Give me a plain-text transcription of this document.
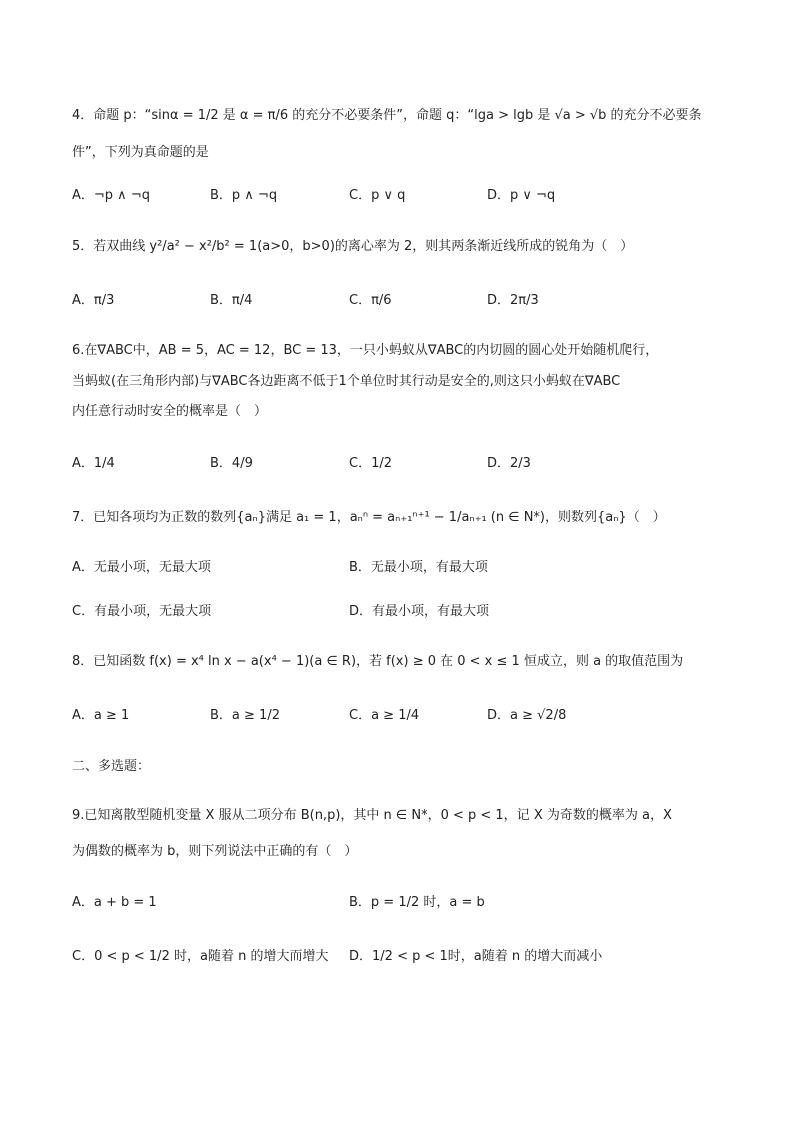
4．命题 p：“sinα = 1/2 是 α = π/6 的充分不必要条件”，命题 q：“lga > lgb 是 √a > √b 的充分不必要条
件”，下列为真命题的是
A．¬p ∧ ¬q	B．p ∧ ¬q	C．p ∨ q	D．p ∨ ¬q
5．若双曲线 y²/a² − x²/b² = 1(a>0，b>0)的离心率为 2，则其两条渐近线所成的锐角为（　）
A．π/3	B．π/4	C．π/6	D．2π/3
6.在∇ABC中，AB = 5，AC = 12，BC = 13，一只小蚂蚁从∇ABC的内切圆的圆心处开始随机爬行，
当蚂蚁(在三角形内部)与∇ABC各边距离不低于1个单位时其行动是安全的,则这只小蚂蚁在∇ABC
内任意行动时安全的概率是（　）
A．1/4	B．4/9	C．1/2	D．2/3
7．已知各项均为正数的数列{aₙ}满足 a₁ = 1，aₙⁿ = aₙ₊₁ⁿ⁺¹ − 1/aₙ₊₁ (n ∈ N*)，则数列{aₙ}（　）
A．无最小项，无最大项	B．无最小项，有最大项
C．有最小项，无最大项	D．有最小项，有最大项
8．已知函数 f(x) = x⁴ ln x − a(x⁴ − 1)(a ∈ R)，若 f(x) ≥ 0 在 0 < x ≤ 1 恒成立，则 a 的取值范围为
A．a ≥ 1	B．a ≥ 1/2	C．a ≥ 1/4	D．a ≥ √2/8
二、多选题：
9.已知离散型随机变量 X 服从二项分布 B(n,p)，其中 n ∈ N*，0 < p < 1，记 X 为奇数的概率为 a，X
为偶数的概率为 b，则下列说法中正确的有（　）
A．a + b = 1	B．p = 1/2 时，a = b
C．0 < p < 1/2 时，a随着 n 的增大而增大 D．1/2 < p < 1时，a随着 n 的增大而减小
